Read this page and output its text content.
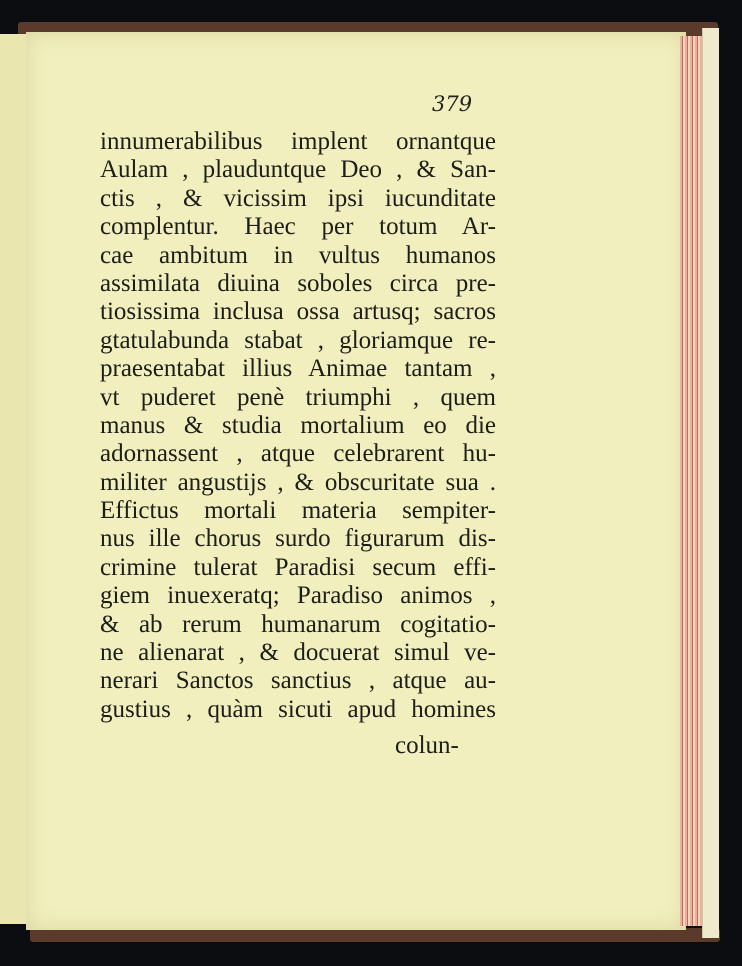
379
innumerabilibus implent ornantque
Aulam , plauduntque Deo , & San-
ctis , & vicissim ipsi iucunditate
complentur. Haec per totum Ar-
cae ambitum in vultus humanos
assimilata diuina soboles circa pre-
tiosissima inclusa ossa artusq; sacros
gtatulabunda stabat , gloriamque re-
praesentabat illius Animae tantam ,
vt puderet penè triumphi , quem
manus & studia mortalium eo die
adornassent , atque celebrarent hu-
militer angustijs , & obscuritate sua .
Effictus mortali materia sempiter-
nus ille chorus surdo figurarum dis-
crimine tulerat Paradisi secum effi-
giem inuexeratq; Paradiso animos ,
& ab rerum humanarum cogitatio-
ne alienarat , & docuerat simul ve-
nerari Sanctos sanctius , atque au-
gustius , quàm sicuti apud homines
colun-
